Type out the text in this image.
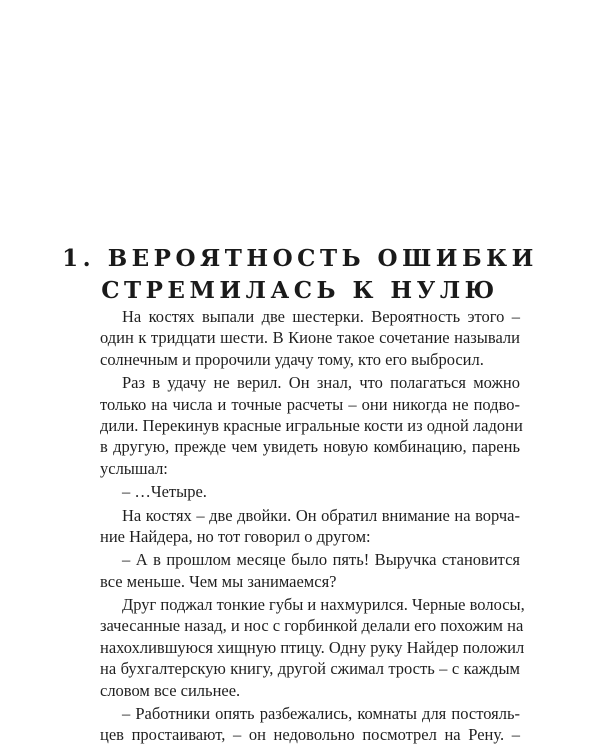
1. ВЕРОЯТНОСТЬ ОШИБКИ
СТРЕМИЛАСЬ К НУЛЮ
На костях выпали две шестерки. Вероятность этого –
один к тридцати шести. В Кионе такое сочетание называли
солнечным и пророчили удачу тому, кто его выбросил.
Раз в удачу не верил. Он знал, что полагаться можно
только на числа и точные расчеты – они никогда не подво-
дили. Перекинув красные игральные кости из одной ладони
в другую, прежде чем увидеть новую комбинацию, парень
услышал:
– …Четыре.
На костях – две двойки. Он обратил внимание на ворча-
ние Найдера, но тот говорил о другом:
– А в прошлом месяце было пять! Выручка становится
все меньше. Чем мы занимаемся?
Друг поджал тонкие губы и нахмурился. Черные волосы,
зачесанные назад, и нос с горбинкой делали его похожим на
нахохлившуюся хищную птицу. Одну руку Найдер положил
на бухгалтерскую книгу, другой сжимал трость – с каждым
словом все сильнее.
– Работники опять разбежались, комнаты для постояль-
цев простаивают, – он недовольно посмотрел на Рену. –
